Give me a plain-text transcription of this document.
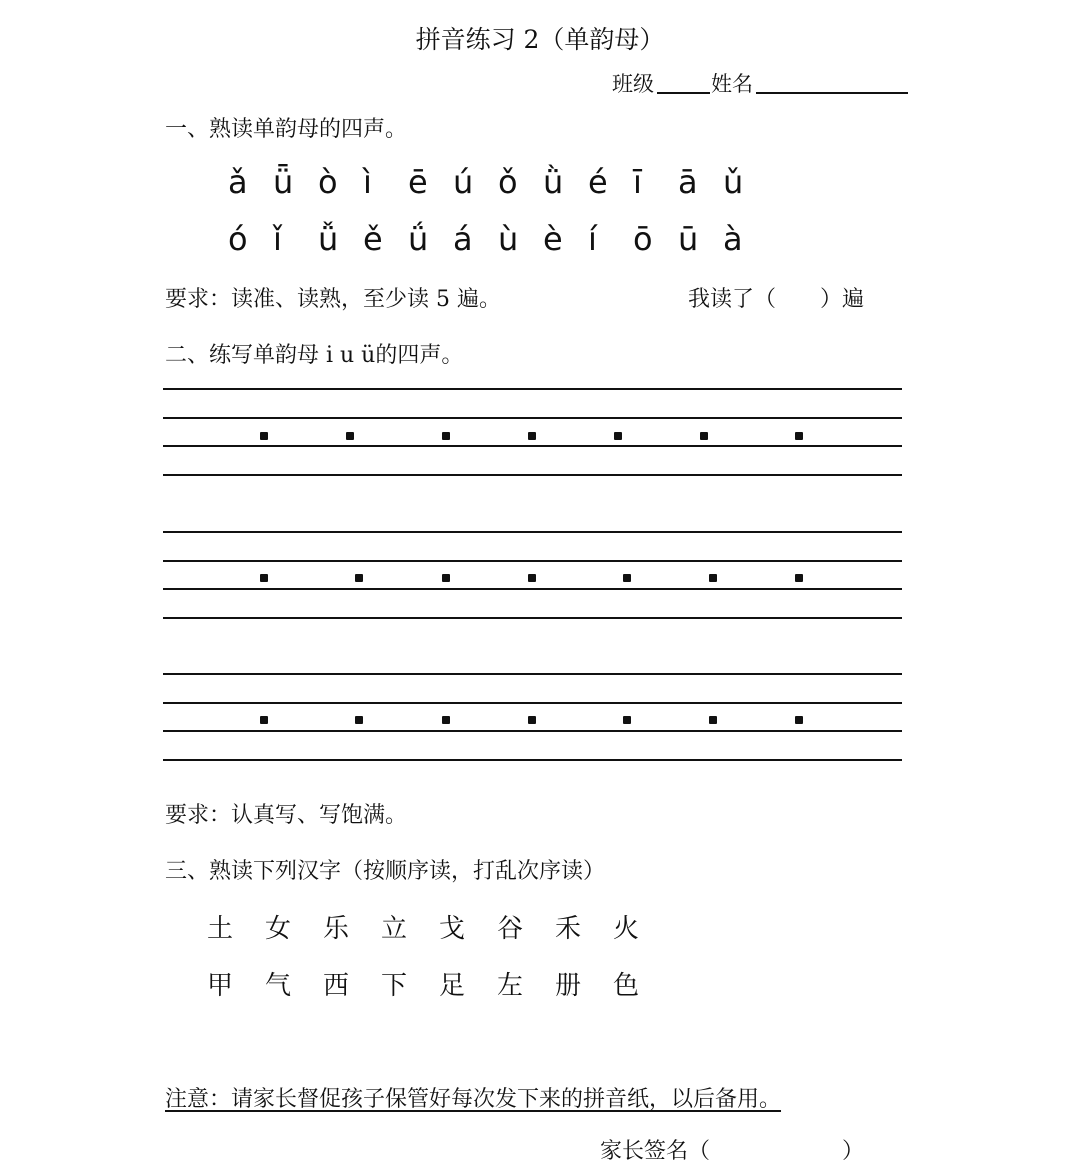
拼音练习 2（单韵母）
班级	姓名
一、熟读单韵母的四声。
ǎ ǖ ò ì ē ú ǒ ǜ é ī ā ǔ
ó ǐ ǚ ě ǘ á ù è í ō ū à
要求：读准、读熟，至少读 5 遍。	我读了（　　）遍
二、练写单韵母 i u ü的四声。
要求：认真写、写饱满。
三、熟读下列汉字（按顺序读，打乱次序读）
土 女 乐 立 戈 谷 禾 火
甲 气 西 下 足 左 册 色
注意：请家长督促孩子保管好每次发下来的拼音纸，以后备用。
家长签名（　　　　　　）
